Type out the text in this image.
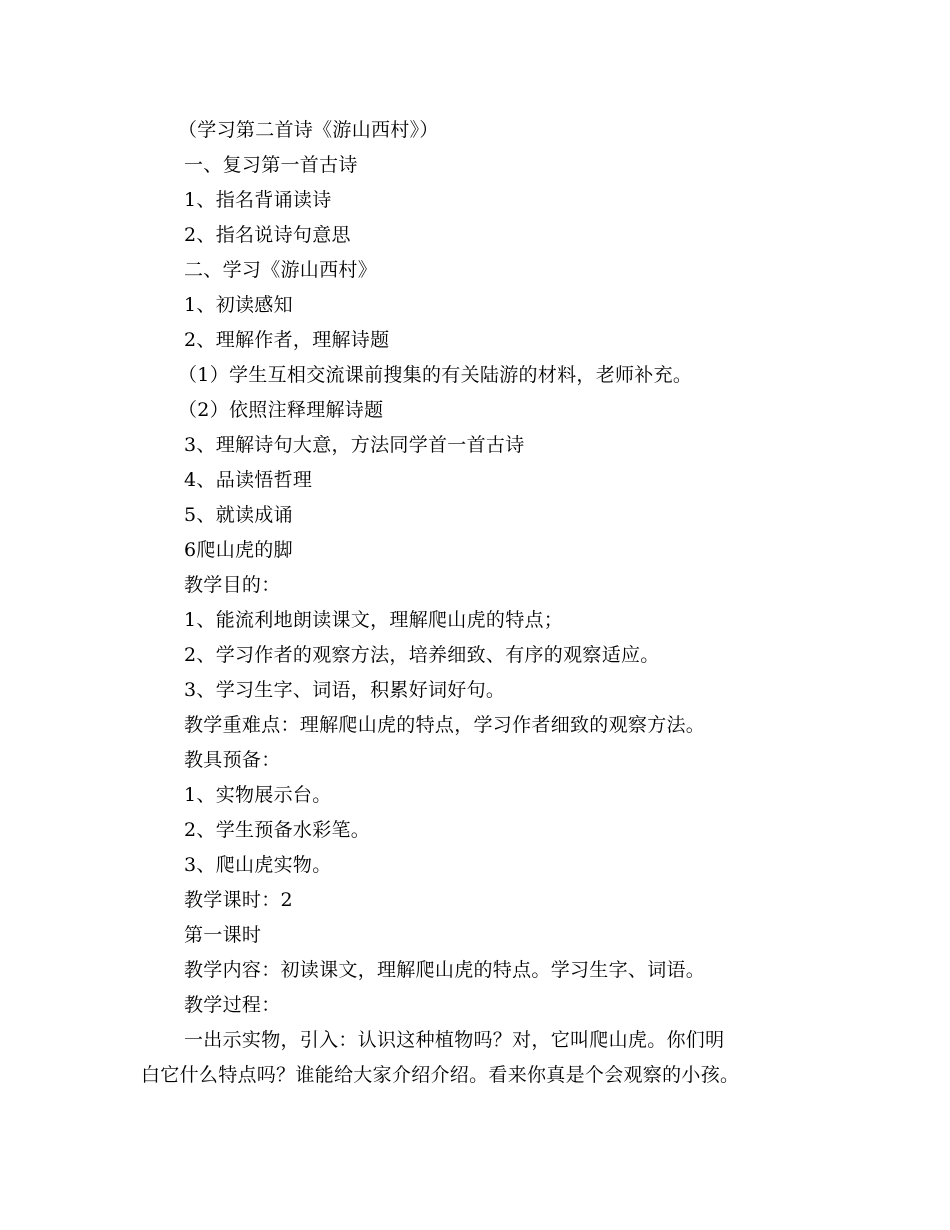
（学习第二首诗《游山西村》）
一、复习第一首古诗
1、指名背诵读诗
2、指名说诗句意思
二、学习《游山西村》
1、初读感知
2、理解作者，理解诗题
（1）学生互相交流课前搜集的有关陆游的材料，老师补充。
（2）依照注释理解诗题
3、理解诗句大意，方法同学首一首古诗
4、品读悟哲理
5、就读成诵
6爬山虎的脚
教学目的：
1、能流利地朗读课文，理解爬山虎的特点；
2、学习作者的观察方法，培养细致、有序的观察适应。
3、学习生字、词语，积累好词好句。
教学重难点：理解爬山虎的特点，学习作者细致的观察方法。
教具预备：
1、实物展示台。
2、学生预备水彩笔。
3、爬山虎实物。
教学课时：2
第一课时
教学内容：初读课文，理解爬山虎的特点。学习生字、词语。
教学过程：
一出示实物，引入：认识这种植物吗？对，它叫爬山虎。你们明
白它什么特点吗？谁能给大家介绍介绍。看来你真是个会观察的小孩。
